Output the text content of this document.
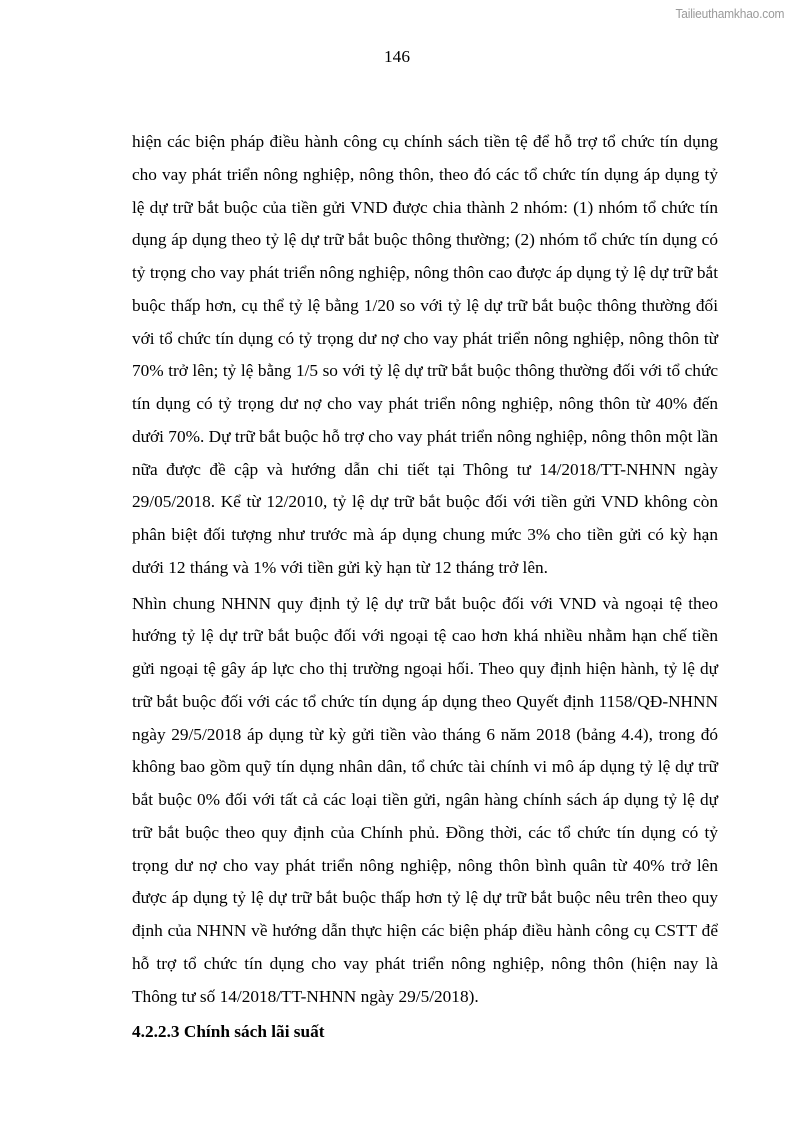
Tailieuthamkhao.com
146

hiện các biện pháp điều hành công cụ chính sách tiền tệ để hỗ trợ tổ chức tín dụng cho vay phát triển nông nghiệp, nông thôn, theo đó các tổ chức tín dụng áp dụng tỷ lệ dự trữ bắt buộc của tiền gửi VND được chia thành 2 nhóm: (1) nhóm tổ chức tín dụng áp dụng theo tỷ lệ dự trữ bắt buộc thông thường; (2) nhóm tổ chức tín dụng có tỷ trọng cho vay phát triển nông nghiệp, nông thôn cao được áp dụng tỷ lệ dự trữ bắt buộc thấp hơn, cụ thể tỷ lệ bằng 1/20 so với tỷ lệ dự trữ bắt buộc thông thường đối với tổ chức tín dụng có tỷ trọng dư nợ cho vay phát triển nông nghiệp, nông thôn từ 70% trở lên; tỷ lệ bằng 1/5 so với tỷ lệ dự trữ bắt buộc thông thường đối với tổ chức tín dụng có tỷ trọng dư nợ cho vay phát triển nông nghiệp, nông thôn từ 40% đến dưới 70%. Dự trữ bắt buộc hỗ trợ cho vay phát triển nông nghiệp, nông thôn một lần nữa được đề cập và hướng dẫn chi tiết tại Thông tư 14/2018/TT-NHNN ngày 29/05/2018. Kể từ 12/2010, tỷ lệ dự trữ bắt buộc đối với tiền gửi VND không còn phân biệt đối tượng như trước mà áp dụng chung mức 3% cho tiền gửi có kỳ hạn dưới 12 tháng và 1% với tiền gửi kỳ hạn từ 12 tháng trở lên.

Nhìn chung NHNN quy định tỷ lệ dự trữ bắt buộc đối với VND và ngoại tệ theo hướng tỷ lệ dự trữ bắt buộc đối với ngoại tệ cao hơn khá nhiều nhằm hạn chế tiền gửi ngoại tệ gây áp lực cho thị trường ngoại hối. Theo quy định hiện hành, tỷ lệ dự trữ bắt buộc đối với các tổ chức tín dụng áp dụng theo Quyết định 1158/QĐ-NHNN ngày 29/5/2018 áp dụng từ kỳ gửi tiền vào tháng 6 năm 2018 (bảng 4.4), trong đó không bao gồm quỹ tín dụng nhân dân, tổ chức tài chính vi mô áp dụng tỷ lệ dự trữ bắt buộc 0% đối với tất cả các loại tiền gửi, ngân hàng chính sách áp dụng tỷ lệ dự trữ bắt buộc theo quy định của Chính phủ. Đồng thời, các tổ chức tín dụng có tỷ trọng dư nợ cho vay phát triển nông nghiệp, nông thôn bình quân từ 40% trở lên được áp dụng tỷ lệ dự trữ bắt buộc thấp hơn tỷ lệ dự trữ bắt buộc nêu trên theo quy định của NHNN về hướng dẫn thực hiện các biện pháp điều hành công cụ CSTT để hỗ trợ tổ chức tín dụng cho vay phát triển nông nghiệp, nông thôn (hiện nay là Thông tư số 14/2018/TT-NHNN ngày 29/5/2018).

4.2.2.3 Chính sách lãi suất
